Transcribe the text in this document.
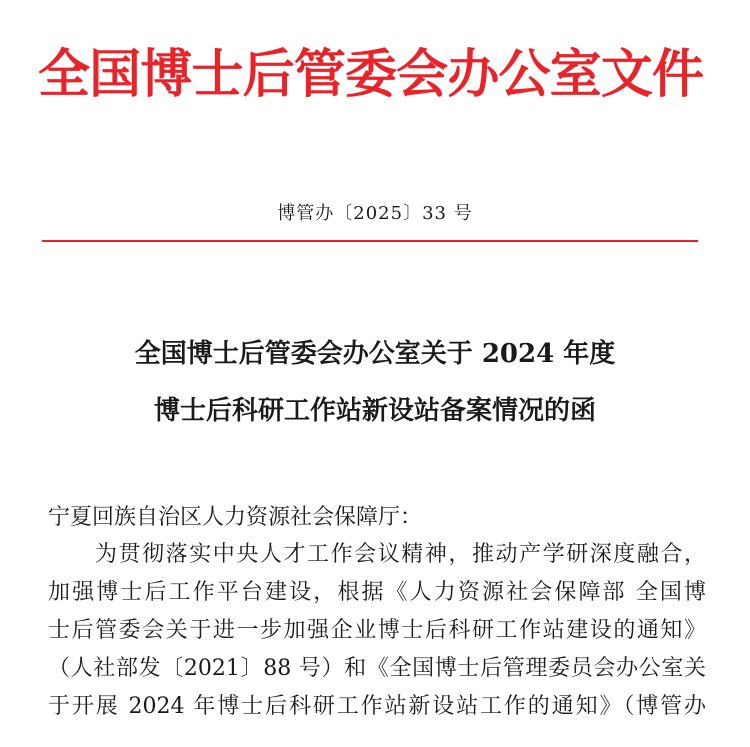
全国博士后管委会办公室文件
博管办〔2025〕33 号
全国博士后管委会办公室关于 2024 年度
博士后科研工作站新设站备案情况的函
宁夏回族自治区人力资源社会保障厅：
为贯彻落实中央人才工作会议精神，推动产学研深度融合，
加强博士后工作平台建设，根据《人力资源社会保障部 全国博
士后管委会关于进一步加强企业博士后科研工作站建设的通知》
（人社部发〔2021〕88 号）和《全国博士后管理委员会办公室关
于开展 2024 年博士后科研工作站新设站工作的通知》（博管办
